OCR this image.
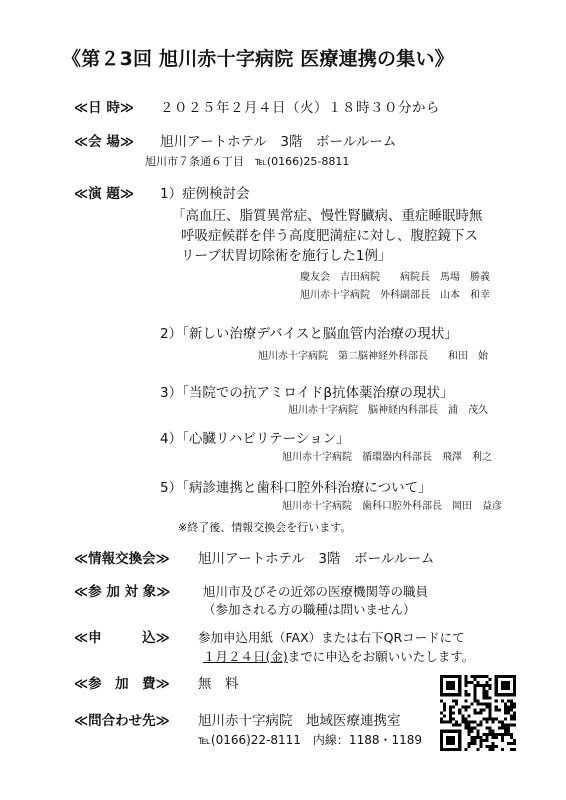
《第２3回 旭川赤十字病院 医療連携の集い》
≪日 時≫ ２０２５年２月４日（火）１８時３０分から
≪会 場≫ 旭川アートホテル　3階　ボールルーム
旭川市７条通６丁目　℡(0166)25-8811
≪演 題≫ 1）症例検討会
「高血圧、脂質異常症、慢性腎臓病、重症睡眠時無
呼吸症候群を伴う高度肥満症に対し、腹腔鏡下ス
リーブ状胃切除術を施行した1例」
慶友会　吉田病院　　病院長　馬場　勝義
旭川赤十字病院　外科副部長　山本　和幸
2）「新しい治療デバイスと脳血管内治療の現状」
旭川赤十字病院　第二脳神経外科部長　　和田　始
3）「当院での抗アミロイドβ抗体薬治療の現状」
旭川赤十字病院　脳神経内科部長　浦　茂久
4）「心臓リハビリテーション」
旭川赤十字病院　循環器内科部長　飛澤　利之
5）「病診連携と歯科口腔外科治療について」
旭川赤十字病院　歯科口腔外科部長　岡田　益彦
※終了後、情報交換会を行います。
≪情報交換会≫ 旭川アートホテル　3階　ボールルーム
≪参 加 対 象≫	旭川市及びその近郊の医療機関等の職員
（参加される方の職種は問いません）
≪申　　　込≫ 参加申込用紙（FAX）または右下QRコードにて
１月２４日(金)までに申込をお願いいたします。
≪参　加　費≫ 無　料
≪問合わせ先≫ 旭川赤十字病院　地域医療連携室
℡(0166)22-8111　内線：1188・1189
